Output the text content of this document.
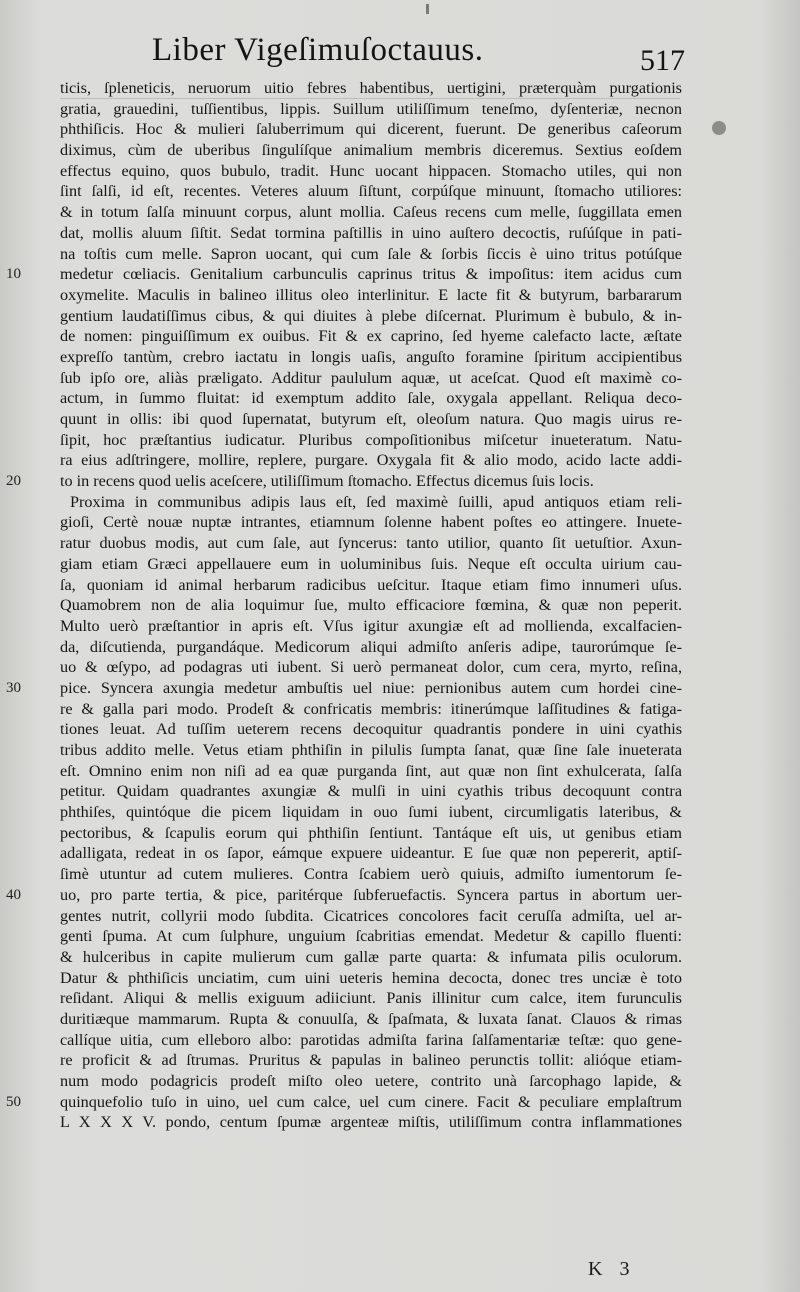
Liber Vigeſimuſoctauus.	517
10
20
30
40
50
ticis, ſpleneticis, neruorum uitio febres habentibus, uertigini, præterquàm purgationis
gratia, grauedini, tuſſientibus, lippis. Suillum utiliſſimum teneſmo, dyſenteriæ, necnon
phthiſicis. Hoc & mulieri ſaluberrimum qui dicerent, fuerunt. De generibus caſeorum
diximus, cùm de uberibus ſingulíſque animalium membris diceremus. Sextius eoſdem
effectus equino, quos bubulo, tradit. Hunc uocant hippacen. Stomacho utiles, qui non
ſint ſalſi, id eſt, recentes. Veteres aluum ſiſtunt, corpúſque minuunt, ſtomacho utiliores:
& in totum ſalſa minuunt corpus, alunt mollia. Caſeus recens cum melle, ſuggillata emen
dat, mollis aluum ſiſtit. Sedat tormina paſtillis in uino auſtero decoctis, ruſúſque in pati-
na toſtis cum melle. Sapron uocant, qui cum ſale & ſorbis ſiccis è uino tritus potúſque
medetur cœliacis. Genitalium carbunculis caprinus tritus & impoſitus: item acidus cum
oxymelite. Maculis in balineo illitus oleo interlinitur. E lacte fit & butyrum, barbararum
gentium laudatiſſimus cibus, & qui diuites à plebe diſcernat. Plurimum è bubulo, & in-
de nomen: pinguiſſimum ex ouibus. Fit & ex caprino, ſed hyeme calefacto lacte, æſtate
expreſſo tantùm, crebro iactatu in longis uaſis, anguſto foramine ſpiritum accipientibus
ſub ipſo ore, aliàs præligato. Additur paululum aquæ, ut aceſcat. Quod eſt maximè co-
actum, in ſummo fluitat: id exemptum addito ſale, oxygala appellant. Reliqua deco-
quunt in ollis: ibi quod ſupernatat, butyrum eſt, oleoſum natura. Quo magis uirus re-
ſipit, hoc præſtantius iudicatur. Pluribus compoſitionibus miſcetur inueteratum. Natu-
ra eius adſtringere, mollire, replere, purgare. Oxygala fit & alio modo, acido lacte addi-
to in recens quod uelis aceſcere, utiliſſimum ſtomacho. Effectus dicemus ſuis locis.
Proxima in communibus adipis laus eſt, ſed maximè ſuilli, apud antiquos etiam reli-
gioſi, Certè nouæ nuptæ intrantes, etiamnum ſolenne habent poſtes eo attingere. Inuete-
ratur duobus modis, aut cum ſale, aut ſyncerus: tanto utilior, quanto ſit uetuſtior. Axun-
giam etiam Græci appellauere eum in uoluminibus ſuis. Neque eſt occulta uirium cau-
ſa, quoniam id animal herbarum radicibus ueſcitur. Itaque etiam fimo innumeri uſus.
Quamobrem non de alia loquimur ſue, multo efficaciore fœmina, & quæ non peperit.
Multo uerò præſtantior in apris eſt. Vſus igitur axungiæ eſt ad mollienda, excalfacien-
da, diſcutienda, purgandáque. Medicorum aliqui admiſto anſeris adipe, taurorúmque ſe-
uo & œſypo, ad podagras uti iubent. Si uerò permaneat dolor, cum cera, myrto, reſina,
pice. Syncera axungia medetur ambuſtis uel niue: pernionibus autem cum hordei cine-
re & galla pari modo. Prodeſt & confricatis membris: itinerúmque laſſitudines & fatiga-
tiones leuat. Ad tuſſim ueterem recens decoquitur quadrantis pondere in uini cyathis
tribus addito melle. Vetus etiam phthiſin in pilulis ſumpta ſanat, quæ ſine ſale inueterata
eſt. Omnino enim non niſi ad ea quæ purganda ſint, aut quæ non ſint exhulcerata, ſalſa
petitur. Quidam quadrantes axungiæ & mulſi in uini cyathis tribus decoquunt contra
phthiſes, quintóque die picem liquidam in ouo ſumi iubent, circumligatis lateribus, &
pectoribus, & ſcapulis eorum qui phthiſin ſentiunt. Tantáque eſt uis, ut genibus etiam
adalligata, redeat in os ſapor, eámque expuere uideantur. E ſue quæ non pepererit, aptiſ-
ſimè utuntur ad cutem mulieres. Contra ſcabiem uerò quiuis, admiſto iumentorum ſe-
uo, pro parte tertia, & pice, paritérque ſubferuefactis. Syncera partus in abortum uer-
gentes nutrit, collyrii modo ſubdita. Cicatrices concolores facit ceruſſa admiſta, uel ar-
genti ſpuma. At cum ſulphure, unguium ſcabritias emendat. Medetur & capillo fluenti:
& hulceribus in capite mulierum cum gallæ parte quarta: & infumata pilis oculorum.
Datur & phthiſicis unciatim, cum uini ueteris hemina decocta, donec tres unciæ è toto
reſidant. Aliqui & mellis exiguum adiiciunt. Panis illinitur cum calce, item furunculis
duritiæque mammarum. Rupta & conuulſa, & ſpaſmata, & luxata ſanat. Clauos & rimas
callíque uitia, cum elleboro albo: parotidas admiſta farina ſalſamentariæ teſtæ: quo gene-
re proficit & ad ſtrumas. Pruritus & papulas in balineo perunctis tollit: alióque etiam-
num modo podagricis prodeſt miſto oleo uetere, contrito unà ſarcophago lapide, &
quinquefolio tuſo in uino, uel cum calce, uel cum cinere. Facit & peculiare emplaſtrum
L X X X V. pondo, centum ſpumæ argenteæ miſtis, utiliſſimum contra inflammationes
K 3
